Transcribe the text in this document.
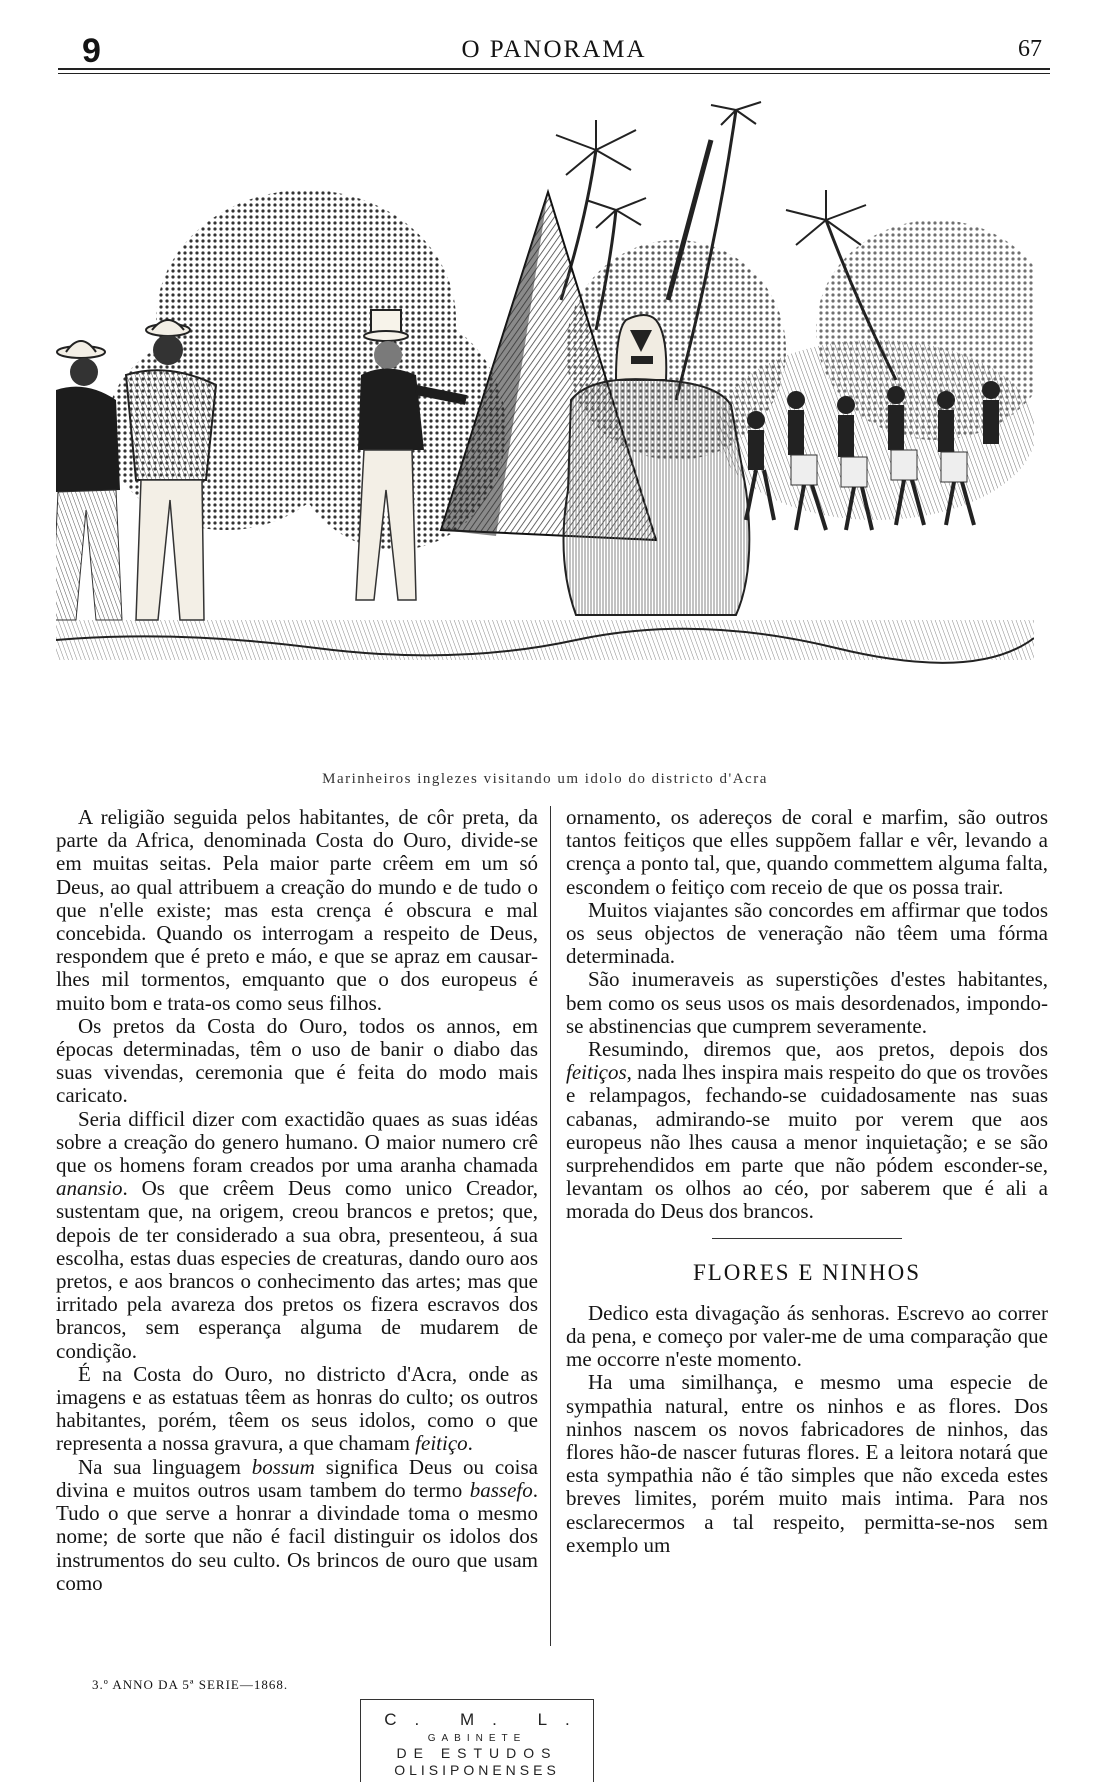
9	O PANORAMA	67
Marinheiros inglezes visitando um idolo do districto d'Acra

A religião seguida pelos habitantes, de côr preta, da parte da Africa, denominada Costa do Ouro, divide-se em muitas seitas. Pela maior parte crêem em um só Deus, ao qual attribuem a creação do mundo e de tudo o que n'elle existe; mas esta crença é obscura e mal concebida. Quando os interrogam a respeito de Deus, respondem que é preto e máo, e que se apraz em causar-lhes mil tormentos, emquanto que o dos europeus é muito bom e trata-os como seus filhos.

Os pretos da Costa do Ouro, todos os annos, em épocas determinadas, têm o uso de banir o diabo das suas vivendas, ceremonia que é feita do modo mais caricato.

Seria difficil dizer com exactidão quaes as suas idéas sobre a creação do genero humano. O maior numero crê que os homens foram creados por uma aranha chamada anansio. Os que crêem Deus como unico Creador, sustentam que, na origem, creou brancos e pretos; que, depois de ter considerado a sua obra, presenteou, á sua escolha, estas duas especies de creaturas, dando ouro aos pretos, e aos brancos o conhecimento das artes; mas que irritado pela avareza dos pretos os fizera escravos dos brancos, sem esperança alguma de mudarem de condição.

É na Costa do Ouro, no districto d'Acra, onde as imagens e as estatuas têem as honras do culto; os outros habitantes, porém, têem os seus idolos, como o que representa a nossa gravura, a que chamam feitiço.

Na sua linguagem bossum significa Deus ou coisa divina e muitos outros usam tambem do termo bassefo. Tudo o que serve a honrar a divindade toma o mesmo nome; de sorte que não é facil distinguir os idolos dos instrumentos do seu culto. Os brincos de ouro que usam como

ornamento, os adereços de coral e marfim, são outros tantos feitiços que elles suppõem fallar e vêr, levando a crença a ponto tal, que, quando commettem alguma falta, escondem o feitiço com receio de que os possa trair.

Muitos viajantes são concordes em affirmar que todos os seus objectos de veneração não têem uma fórma determinada.

São inumeraveis as superstições d'estes habitantes, bem como os seus usos os mais desordenados, impondo-se abstinencias que cumprem severamente.

Resumindo, diremos que, aos pretos, depois dos feitiços, nada lhes inspira mais respeito do que os trovões e relampagos, fechando-se cuidadosamente nas suas cabanas, admirando-se muito por verem que aos europeus não lhes causa a menor inquietação; e se são surprehendidos em parte que não pódem esconder-se, levantam os olhos ao céo, por saberem que é ali a morada do Deus dos brancos.

FLORES E NINHOS

Dedico esta divagação ás senhoras. Escrevo ao correr da pena, e começo por valer-me de uma comparação que me occorre n'este momento.

Ha uma similhança, e mesmo uma especie de sympathia natural, entre os ninhos e as flores. Dos ninhos nascem os novos fabricadores de ninhos, das flores hão-de nascer futuras flores. E a leitora notará que esta sympathia não é tão simples que não exceda estes breves limites, porém muito mais intima. Para nos esclarecermos a tal respeito, permitta-se-nos sem exemplo um

3.º ANNO DA 5ª SERIE—1868.
C. M. L.
GABINETE
DE ESTUDOS
OLISIPONENSES
